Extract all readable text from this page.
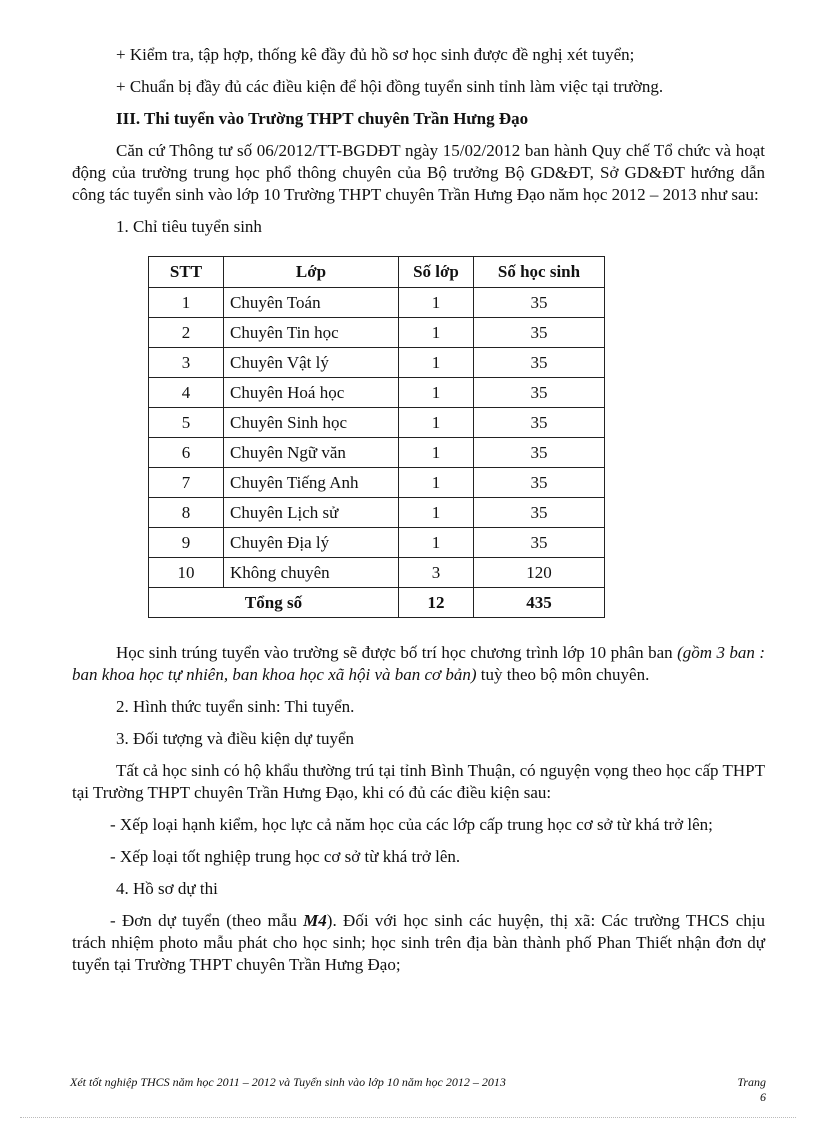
+ Kiểm tra, tập hợp, thống kê đầy đủ hồ sơ học sinh được đề nghị xét tuyển;

+ Chuẩn bị đầy đủ các điều kiện để hội đồng tuyển sinh tỉnh làm việc tại trường.

III. Thi tuyển vào Trường THPT chuyên Trần Hưng Đạo

Căn cứ Thông tư số 06/2012/TT-BGDĐT ngày 15/02/2012 ban hành Quy chế Tổ chức và hoạt động của trường trung học phổ thông chuyên của Bộ trưởng Bộ GD&ĐT, Sở GD&ĐT hướng dẫn công tác tuyển sinh vào lớp 10 Trường THPT chuyên Trần Hưng Đạo năm học 2012 – 2013 như sau:

1. Chỉ tiêu tuyển sinh

STT	Lớp	Số lớp	Số học sinh
1	Chuyên Toán	1	35
2	Chuyên Tin học	1	35
3	Chuyên Vật lý	1	35
4	Chuyên Hoá học	1	35
5	Chuyên Sinh học	1	35
6	Chuyên Ngữ văn	1	35
7	Chuyên Tiếng Anh	1	35
8	Chuyên Lịch sử	1	35
9	Chuyên Địa lý	1	35
10	Không chuyên	3	120
Tổng số		12	435

Học sinh trúng tuyển vào trường sẽ được bố trí học chương trình lớp 10 phân ban (gồm 3 ban : ban khoa học tự nhiên, ban khoa học xã hội và ban cơ bản) tuỳ theo bộ môn chuyên.

2. Hình thức tuyển sinh: Thi tuyển.

3. Đối tượng và điều kiện dự tuyển

Tất cả học sinh có hộ khẩu thường trú tại tỉnh Bình Thuận, có nguyện vọng theo học cấp THPT tại Trường THPT chuyên Trần Hưng Đạo, khi có đủ các điều kiện sau:

- Xếp loại hạnh kiểm, học lực cả năm học của các lớp cấp trung học cơ sở từ khá trở lên;

- Xếp loại tốt nghiệp trung học cơ sở từ khá trở lên.

4. Hồ sơ dự thi

- Đơn dự tuyển (theo mẫu M4). Đối với học sinh các huyện, thị xã: Các trường THCS chịu trách nhiệm photo mẫu phát cho học sinh; học sinh trên địa bàn thành phố Phan Thiết nhận đơn dự tuyển tại Trường THPT chuyên Trần Hưng Đạo;

Xét tốt nghiệp THCS năm học 2011 – 2012 và Tuyển sinh vào lớp 10 năm học 2012 – 2013	Trang
6
